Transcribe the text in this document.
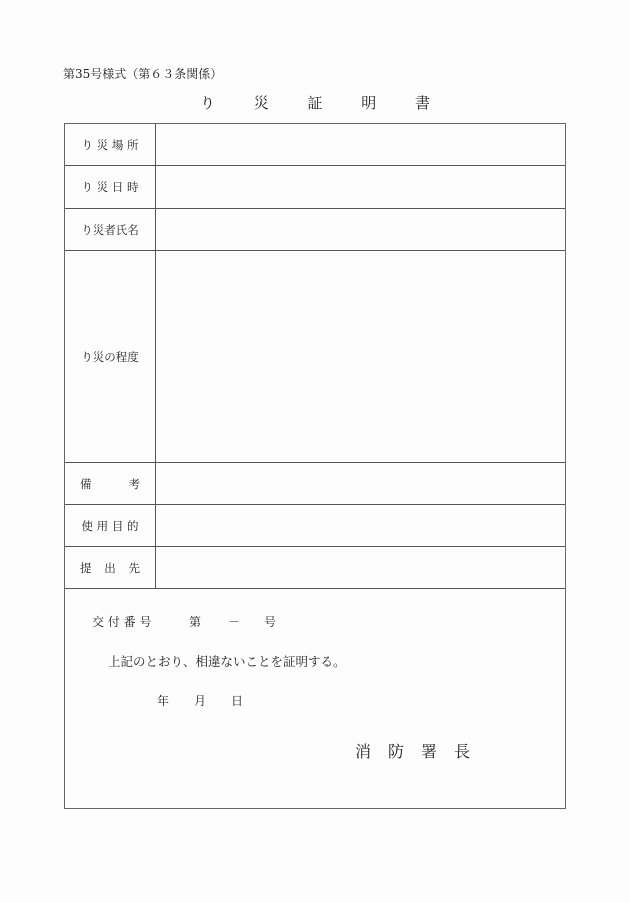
第35号様式（第６３条関係）
り	災	証	明	書
り 災 場 所
り 災 日 時
り災者氏名
り災の程度
備	考
使 用 目 的
提 出 先
交 付 番 号	第	－	号
上記のとおり、相違ないことを証明する。
年	月	日
消	防	署	長
